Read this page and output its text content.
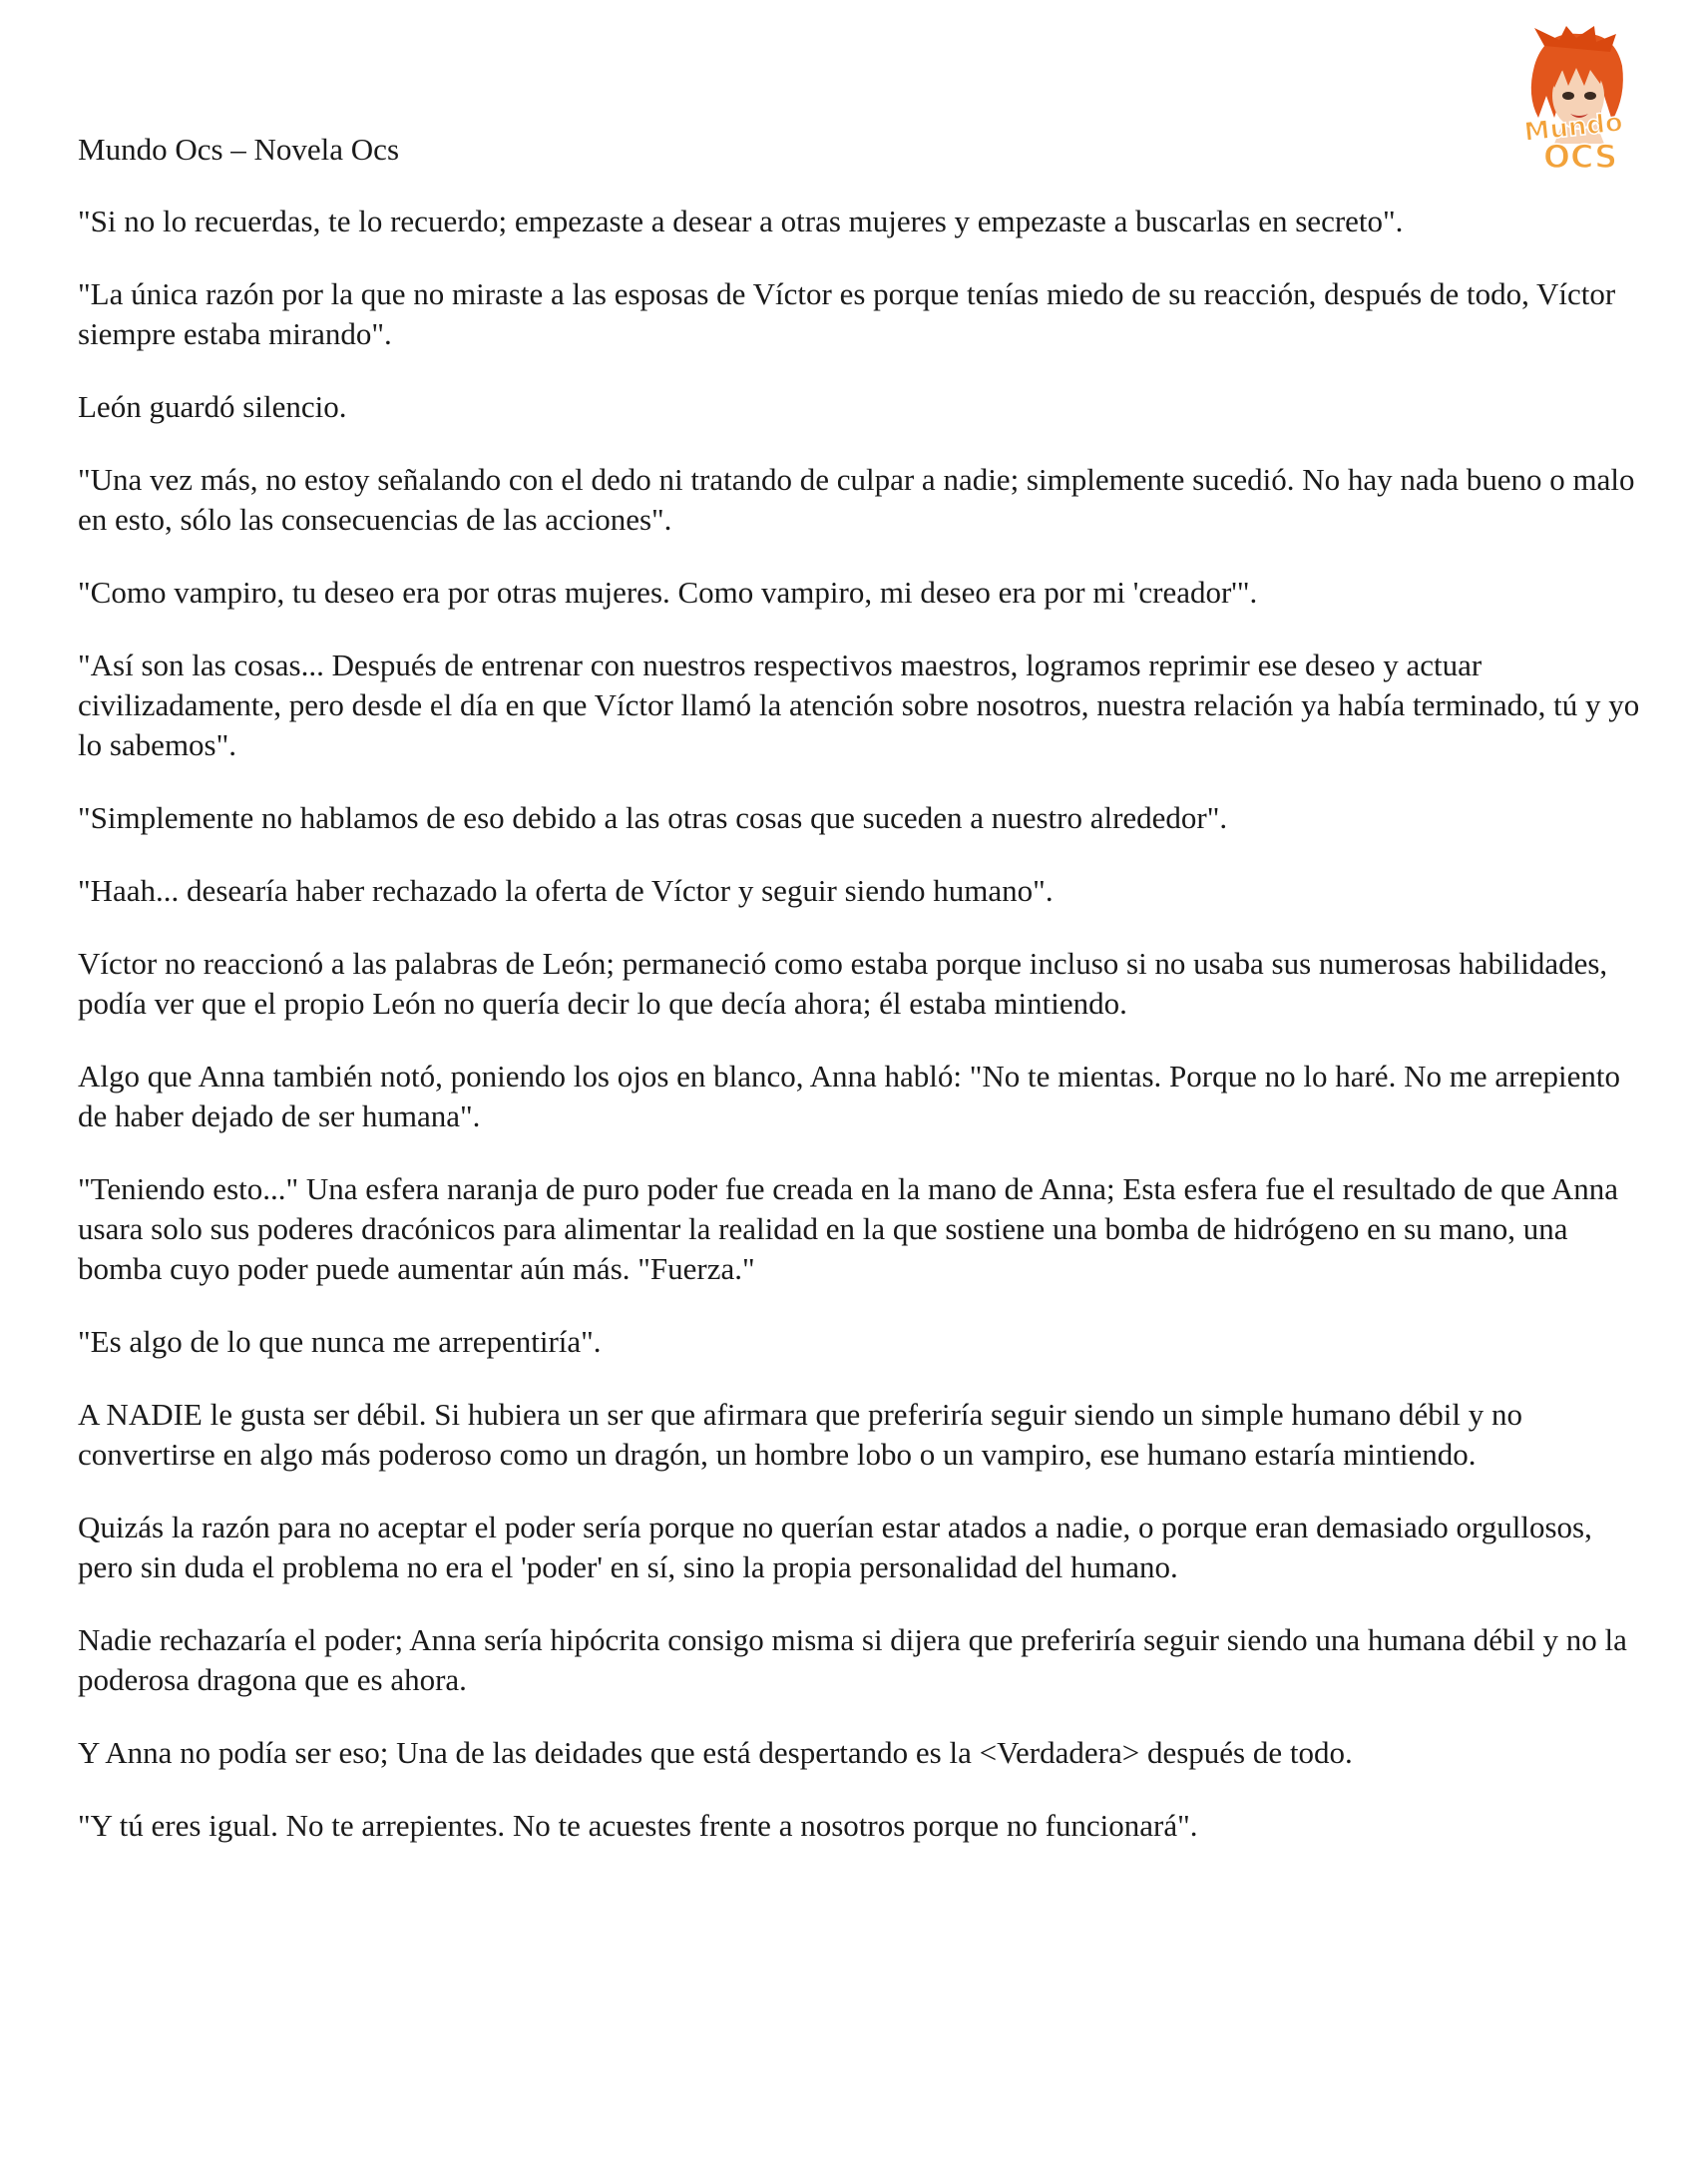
Mundo
OCS
Mundo Ocs – Novela Ocs

"Si no lo recuerdas, te lo recuerdo; empezaste a desear a otras mujeres y empezaste a buscarlas en secreto".

"La única razón por la que no miraste a las esposas de Víctor es porque tenías miedo de su reacción, después de todo, Víctor siempre estaba mirando".

León guardó silencio.

"Una vez más, no estoy señalando con el dedo ni tratando de culpar a nadie; simplemente sucedió. No hay nada bueno o malo en esto, sólo las consecuencias de las acciones".

"Como vampiro, tu deseo era por otras mujeres. Como vampiro, mi deseo era por mi 'creador'".

"Así son las cosas... Después de entrenar con nuestros respectivos maestros, logramos reprimir ese deseo y actuar civilizadamente, pero desde el día en que Víctor llamó la atención sobre nosotros, nuestra relación ya había terminado, tú y yo lo sabemos".

"Simplemente no hablamos de eso debido a las otras cosas que suceden a nuestro alrededor".

"Haah... desearía haber rechazado la oferta de Víctor y seguir siendo humano".

Víctor no reaccionó a las palabras de León; permaneció como estaba porque incluso si no usaba sus numerosas habilidades, podía ver que el propio León no quería decir lo que decía ahora; él estaba mintiendo.

Algo que Anna también notó, poniendo los ojos en blanco, Anna habló: "No te mientas. Porque no lo haré. No me arrepiento de haber dejado de ser humana".

"Teniendo esto..." Una esfera naranja de puro poder fue creada en la mano de Anna; Esta esfera fue el resultado de que Anna usara solo sus poderes dracónicos para alimentar la realidad en la que sostiene una bomba de hidrógeno en su mano, una bomba cuyo poder puede aumentar aún más. "Fuerza."

"Es algo de lo que nunca me arrepentiría".

A NADIE le gusta ser débil. Si hubiera un ser que afirmara que preferiría seguir siendo un simple humano débil y no convertirse en algo más poderoso como un dragón, un hombre lobo o un vampiro, ese humano estaría mintiendo.

Quizás la razón para no aceptar el poder sería porque no querían estar atados a nadie, o porque eran demasiado orgullosos, pero sin duda el problema no era el 'poder' en sí, sino la propia personalidad del humano.

Nadie rechazaría el poder; Anna sería hipócrita consigo misma si dijera que preferiría seguir siendo una humana débil y no la poderosa dragona que es ahora.

Y Anna no podía ser eso; Una de las deidades que está despertando es la <Verdadera> después de todo.

"Y tú eres igual. No te arrepientes. No te acuestes frente a nosotros porque no funcionará".
